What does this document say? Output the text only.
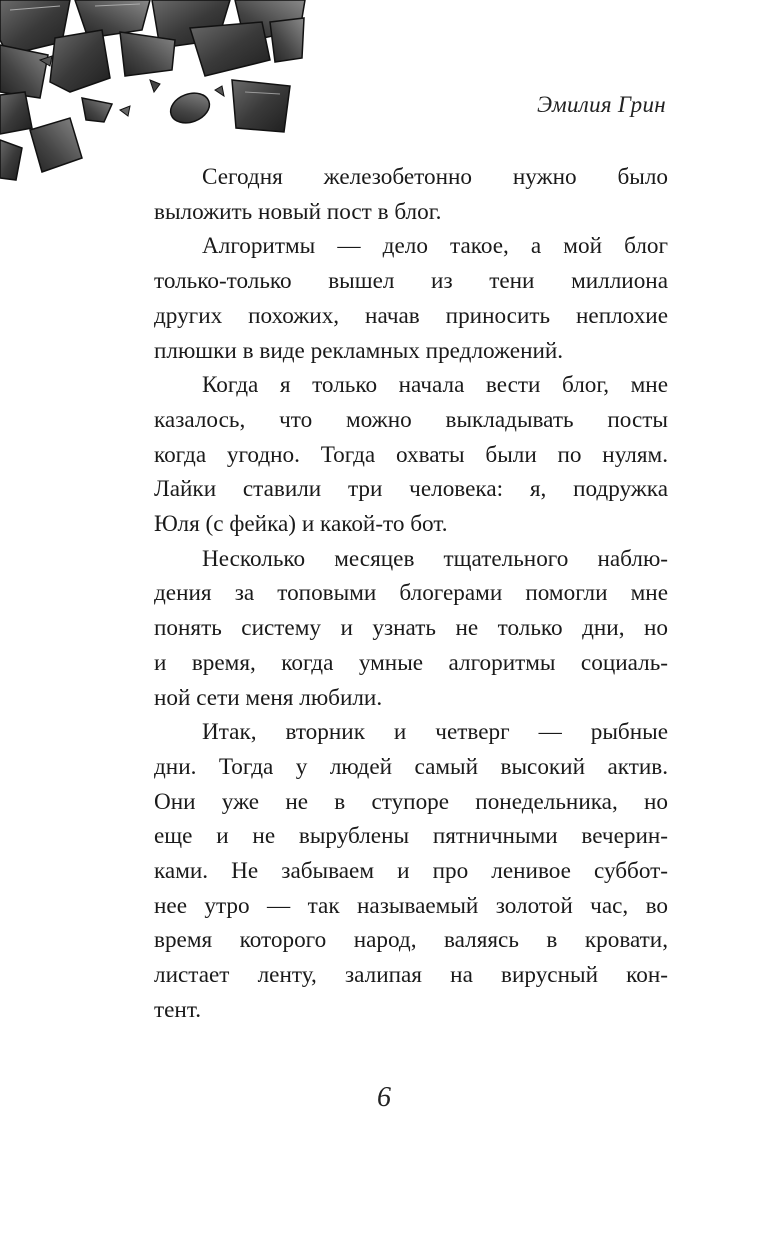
Эмилия Грин

Сегодня железобетонно нужно было
выложить новый пост в блог.

Алгоритмы — дело такое, а мой блог
только-только вышел из тени миллиона
других похожих, начав приносить неплохие
плюшки в виде рекламных предложений.

Когда я только начала вести блог, мне
казалось, что можно выкладывать посты
когда угодно. Тогда охваты были по нулям.
Лайки ставили три человека: я, подружка
Юля (с фейка) и какой-то бот.

Несколько месяцев тщательного наблю-
дения за топовыми блогерами помогли мне
понять систему и узнать не только дни, но
и время, когда умные алгоритмы социаль-
ной сети меня любили.

Итак, вторник и четверг — рыбные
дни. Тогда у людей самый высокий актив.
Они уже не в ступоре понедельника, но
еще и не вырублены пятничными вечерин-
ками. Не забываем и про ленивое суббот-
нее утро — так называемый золотой час, во
время которого народ, валяясь в кровати,
листает ленту, залипая на вирусный кон-
тент.

6
